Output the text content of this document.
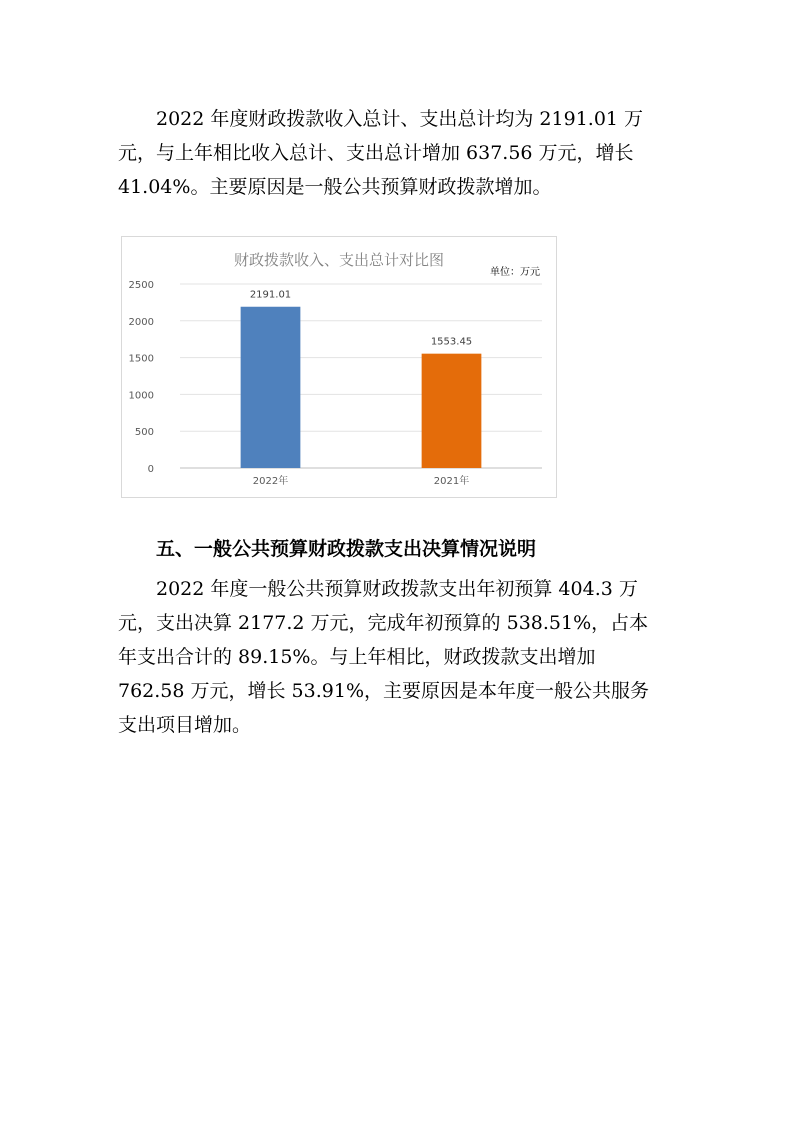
2022 年度财政拨款收入总计、支出总计均为 2191.01 万
元，与上年相比收入总计、支出总计增加 637.56 万元，增长
41.04%。主要原因是一般公共预算财政拨款增加。
财政拨款收入、支出总计对比图
单位：万元
0
500
1000
1500
2000
2500
2191.01
1553.45
2022年	2021年
五、一般公共预算财政拨款支出决算情况说明
2022 年度一般公共预算财政拨款支出年初预算 404.3 万
元，支出决算 2177.2 万元，完成年初预算的 538.51%，占本
年支出合计的 89.15%。与上年相比，财政拨款支出增加
762.58 万元，增长 53.91%，主要原因是本年度一般公共服务
支出项目增加。
